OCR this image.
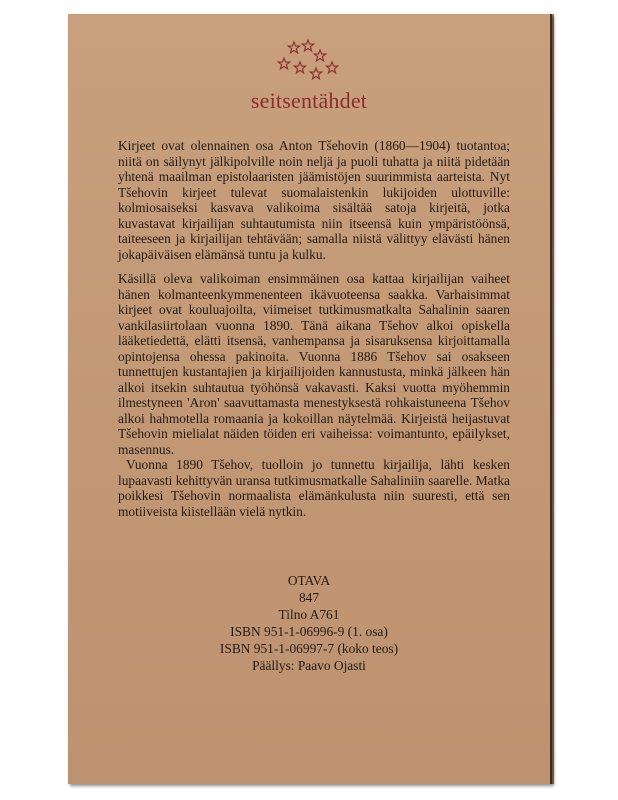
seitsentähdet

Kirjeet ovat olennainen osa Anton Tšehovin (1860—1904) tuotantoa; niitä on säilynyt jälkipolville noin neljä ja puoli tuhatta ja niitä pidetään yhtenä maailman epistolaaristen jäämistöjen suurimmista aarteista. Nyt Tšehovin kirjeet tulevat suomalaistenkin lukijoiden ulottuville: kolmiosaiseksi kasvava valikoima sisältää satoja kirjeitä, jotka kuvastavat kirjailijan suhtautumista niin itseensä kuin ympäristöönsä, taiteeseen ja kirjailijan tehtävään; samalla niistä välittyy elävästi hänen jokapäiväisen elämänsä tuntu ja kulku.

Käsillä oleva valikoiman ensimmäinen osa kattaa kirjailijan vaiheet hänen kolmanteenkymmenenteen ikävuoteensa saakka. Varhaisimmat kirjeet ovat kouluajoilta, viimeiset tutkimusmatkalta Sahalinin saaren vankilasiirtolaan vuonna 1890. Tänä aikana Tšehov alkoi opiskella lääketiedettä, elätti itsensä, vanhempansa ja sisaruksensa kirjoittamalla opintojensa ohessa pakinoita. Vuonna 1886 Tšehov sai osakseen tunnettujen kustantajien ja kirjailijoiden kannustusta, minkä jälkeen hän alkoi itsekin suhtautua työhönsä vakavasti. Kaksi vuotta myöhemmin ilmestyneen 'Aron' saavuttamasta menestyksestä rohkaistuneena Tšehov alkoi hahmotella romaania ja kokoillan näytelmää. Kirjeistä heijastuvat Tšehovin mielialat näiden töiden eri vaiheissa: voimantunto, epäilykset, masennus.

Vuonna 1890 Tšehov, tuolloin jo tunnettu kirjailija, lähti kesken lupaavasti kehittyvän uransa tutkimusmatkalle Sahaliniin saarelle. Matka poikkesi Tšehovin normaalista elämänkulusta niin suuresti, että sen motiiveista kiistellään vielä nytkin.

OTAVA
847
Tilno A761
ISBN 951-1-06996-9 (1. osa)
ISBN 951-1-06997-7 (koko teos)
Päällys: Paavo Ojasti
